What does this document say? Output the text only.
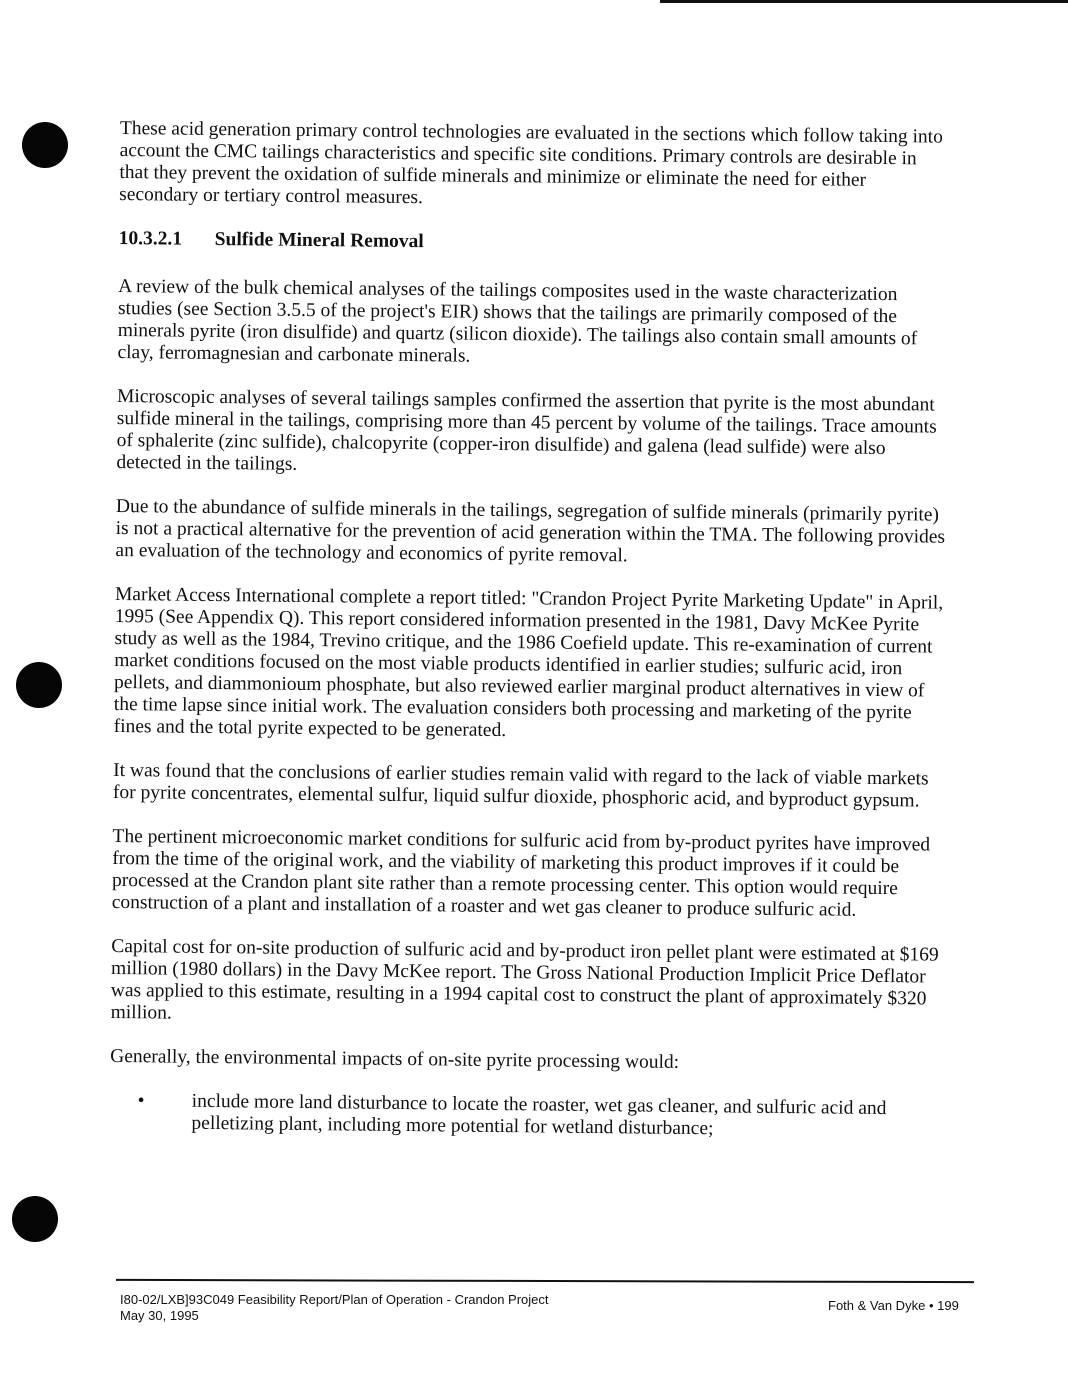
These acid generation primary control technologies are evaluated in the sections which follow taking into account the CMC tailings characteristics and specific site conditions. Primary controls are desirable in that they prevent the oxidation of sulfide minerals and minimize or eliminate the need for either secondary or tertiary control measures.

10.3.2.1 Sulfide Mineral Removal

A review of the bulk chemical analyses of the tailings composites used in the waste characterization studies (see Section 3.5.5 of the project's EIR) shows that the tailings are primarily composed of the minerals pyrite (iron disulfide) and quartz (silicon dioxide). The tailings also contain small amounts of clay, ferromagnesian and carbonate minerals.

Microscopic analyses of several tailings samples confirmed the assertion that pyrite is the most abundant sulfide mineral in the tailings, comprising more than 45 percent by volume of the tailings. Trace amounts of sphalerite (zinc sulfide), chalcopyrite (copper-iron disulfide) and galena (lead sulfide) were also detected in the tailings.

Due to the abundance of sulfide minerals in the tailings, segregation of sulfide minerals (primarily pyrite) is not a practical alternative for the prevention of acid generation within the TMA. The following provides an evaluation of the technology and economics of pyrite removal.

Market Access International complete a report titled: "Crandon Project Pyrite Marketing Update" in April, 1995 (See Appendix Q). This report considered information presented in the 1981, Davy McKee Pyrite study as well as the 1984, Trevino critique, and the 1986 Coefield update. This re-examination of current market conditions focused on the most viable products identified in earlier studies; sulfuric acid, iron pellets, and diammonioum phosphate, but also reviewed earlier marginal product alternatives in view of the time lapse since initial work. The evaluation considers both processing and marketing of the pyrite fines and the total pyrite expected to be generated.

It was found that the conclusions of earlier studies remain valid with regard to the lack of viable markets for pyrite concentrates, elemental sulfur, liquid sulfur dioxide, phosphoric acid, and byproduct gypsum.

The pertinent microeconomic market conditions for sulfuric acid from by-product pyrites have improved from the time of the original work, and the viability of marketing this product improves if it could be processed at the Crandon plant site rather than a remote processing center. This option would require construction of a plant and installation of a roaster and wet gas cleaner to produce sulfuric acid.

Capital cost for on-site production of sulfuric acid and by-product iron pellet plant were estimated at $169 million (1980 dollars) in the Davy McKee report. The Gross National Production Implicit Price Deflator was applied to this estimate, resulting in a 1994 capital cost to construct the plant of approximately $320 million.

Generally, the environmental impacts of on-site pyrite processing would:

•	include more land disturbance to locate the roaster, wet gas cleaner, and sulfuric acid and pelletizing plant, including more potential for wetland disturbance;
I80-02/LXB]93C049 Feasibility Report/Plan of Operation - Crandon Project
May 30, 1995
Foth & Van Dyke • 199
